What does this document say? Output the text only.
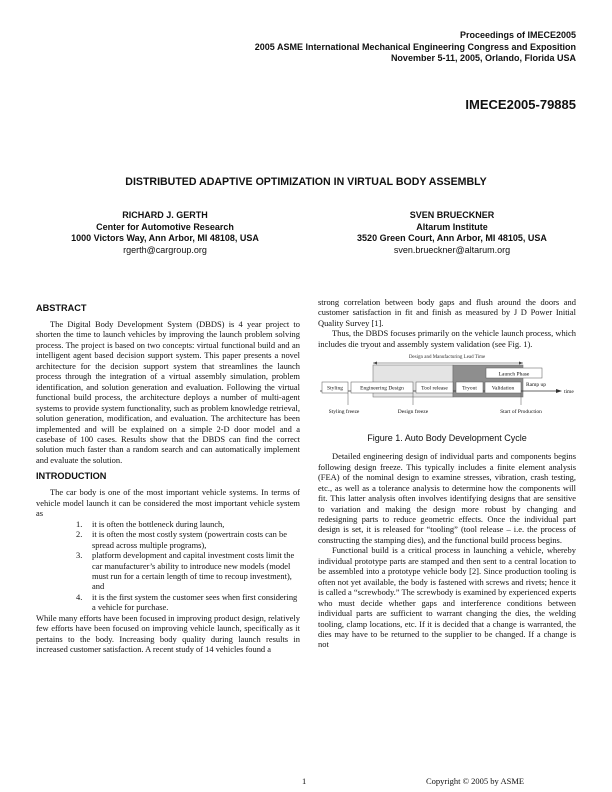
Proceedings of IMECE2005
2005 ASME International Mechanical Engineering Congress and Exposition
November 5-11, 2005, Orlando, Florida USA
IMECE2005-79885
DISTRIBUTED ADAPTIVE OPTIMIZATION IN VIRTUAL BODY ASSEMBLY
RICHARD J. GERTH
Center for Automotive Research
1000 Victors Way, Ann Arbor, MI 48108, USA
rgerth@cargroup.org
SVEN BRUECKNER
Altarum Institute
3520 Green Court, Ann Arbor, MI 48105, USA
sven.brueckner@altarum.org
ABSTRACT

The Digital Body Development System (DBDS) is 4 year project to shorten the time to launch vehicles by improving the launch problem solving process. The project is based on two concepts: virtual functional build and an intelligent agent based decision support system. This paper presents a novel architecture for the decision support system that streamlines the launch process through the integration of a virtual assembly simulation, problem identification, and solution generation and evaluation. Following the virtual functional build process, the architecture deploys a number of multi-agent systems to provide system functionality, such as problem knowledge retrieval, solution generation, modification, and evaluation. The architecture has been implemented and will be explained on a simple 2-D door model and a casebase of 100 cases. Results show that the DBDS can find the correct solution much faster than a random search and can automatically implement and evaluate the solution.

INTRODUCTION

The car body is one of the most important vehicle systems. In terms of vehicle model launch it can be considered the most important vehicle system as

1. it is often the bottleneck during launch,
2. it is often the most costly system (powertrain costs can be spread across multiple programs),
3. platform development and capital investment costs limit the car manufacturer’s ability to introduce new models (model must run for a certain length of time to recoup investment), and
4. it is the first system the customer sees when first considering a vehicle for purchase.

While many efforts have been focused in improving product design, relatively few efforts have been focused on improving vehicle launch, specifically as it pertains to the body. Increasing body quality during launch results in increased customer satisfaction. A recent study of 14 vehicles found a

strong correlation between body gaps and flush around the doors and customer satisfaction in fit and finish as measured by J D Power Initial Quality Survey [1].

Thus, the DBDS focuses primarily on the vehicle launch process, which includes die tryout and assembly system validation (see Fig. 1).

Design and Manufacturing Lead Time
Launch Phase
time
Styling	Engineering Design	Tool release	Tryout	Validation
Ramp up
Styling freeze	Design freeze	Start of Production

Figure 1. Auto Body Development Cycle

Detailed engineering design of individual parts and components begins following design freeze. This typically includes a finite element analysis (FEA) of the nominal design to examine stresses, vibration, crash testing, etc., as well as a tolerance analysis to determine how the components will fit. This latter analysis often involves identifying designs that are sensitive to variation and making the design more robust by changing and redesigning parts to reduce geometric effects. Once the individual part design is set, it is released for “tooling” (tool release – i.e. the process of constructing the stamping dies), and the functional build process begins.

Functional build is a critical process in launching a vehicle, whereby individual prototype parts are stamped and then sent to a central location to be assembled into a prototype vehicle body [2]. Since production tooling is often not yet available, the body is fastened with screws and rivets; hence it is called a “screwbody.” The screwbody is examined by experienced experts who must decide whether gaps and interference conditions between individual parts are sufficient to warrant changing the dies, the welding tooling, clamp locations, etc. If it is decided that a change is warranted, the dies may have to be returned to the supplier to be changed. If a change is not

1	Copyright © 2005 by ASME
